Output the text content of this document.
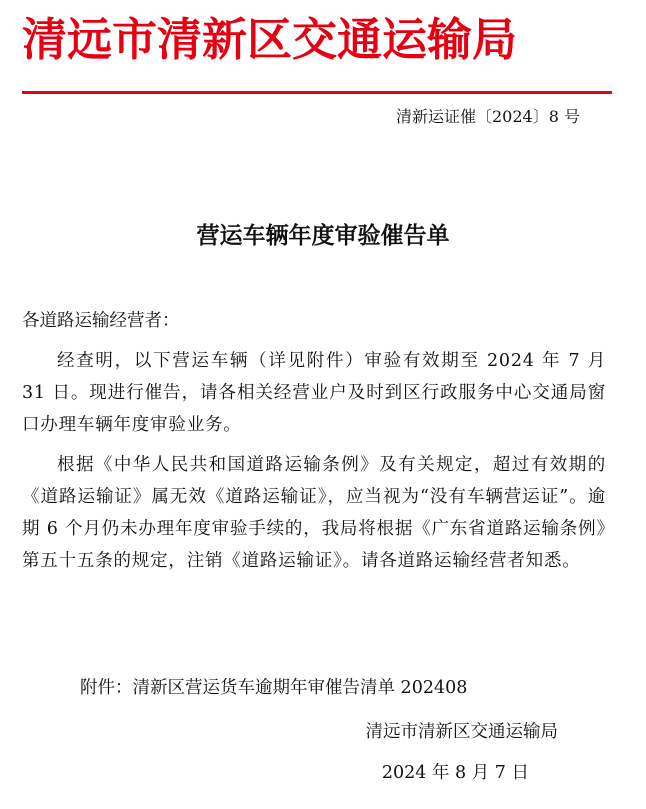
清远市清新区交通运输局
清新运证催〔2024〕8 号
营运车辆年度审验催告单

各道路运输经营者：

经查明，以下营运车辆（详见附件）审验有效期至 2024 年 7 月 31 日。现进行催告，请各相关经营业户及时到区行政服务中心交通局窗口办理车辆年度审验业务。

根据《中华人民共和国道路运输条例》及有关规定，超过有效期的《道路运输证》属无效《道路运输证》，应当视为“没有车辆营运证”。逾期 6 个月仍未办理年度审验手续的，我局将根据《广东省道路运输条例》第五十五条的规定，注销《道路运输证》。请各道路运输经营者知悉。

附件：清新区营运货车逾期年审催告清单 202408
清远市清新区交通运输局
2024 年 8 月 7 日
